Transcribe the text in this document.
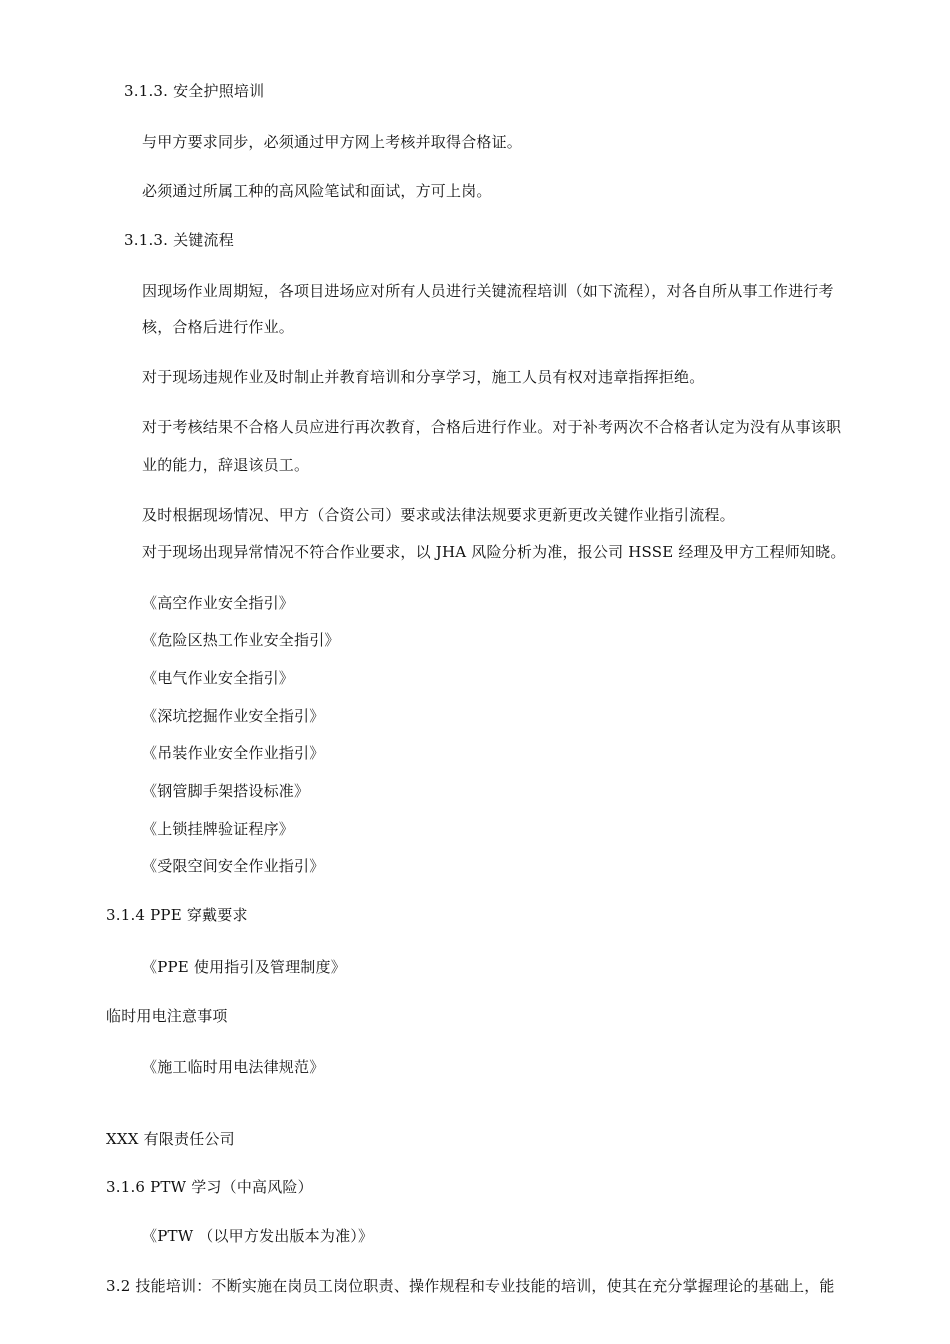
3.1.3. 安全护照培训
与甲方要求同步，必须通过甲方网上考核并取得合格证。
必须通过所属工种的高风险笔试和面试，方可上岗。
3.1.3. 关键流程
因现场作业周期短，各项目进场应对所有人员进行关键流程培训（如下流程），对各自所从事工作进行考
核，合格后进行作业。
对于现场违规作业及时制止并教育培训和分享学习，施工人员有权对违章指挥拒绝。
对于考核结果不合格人员应进行再次教育，合格后进行作业。对于补考两次不合格者认定为没有从事该职
业的能力，辞退该员工。
及时根据现场情况、甲方（合资公司）要求或法律法规要求更新更改关键作业指引流程。
对于现场出现异常情况不符合作业要求，以 JHA 风险分析为准，报公司 HSSE 经理及甲方工程师知晓。
《高空作业安全指引》
《危险区热工作业安全指引》
《电气作业安全指引》
《深坑挖掘作业安全指引》
《吊装作业安全作业指引》
《钢管脚手架搭设标准》
《上锁挂牌验证程序》
《受限空间安全作业指引》
3.1.4 PPE 穿戴要求
《PPE 使用指引及管理制度》
临时用电注意事项
《施工临时用电法律规范》
XXX 有限责任公司
3.1.6 PTW 学习（中高风险）
《PTW （以甲方发出版本为准）》
3.2 技能培训：不断实施在岗员工岗位职责、操作规程和专业技能的培训，使其在充分掌握理论的基础上，能
